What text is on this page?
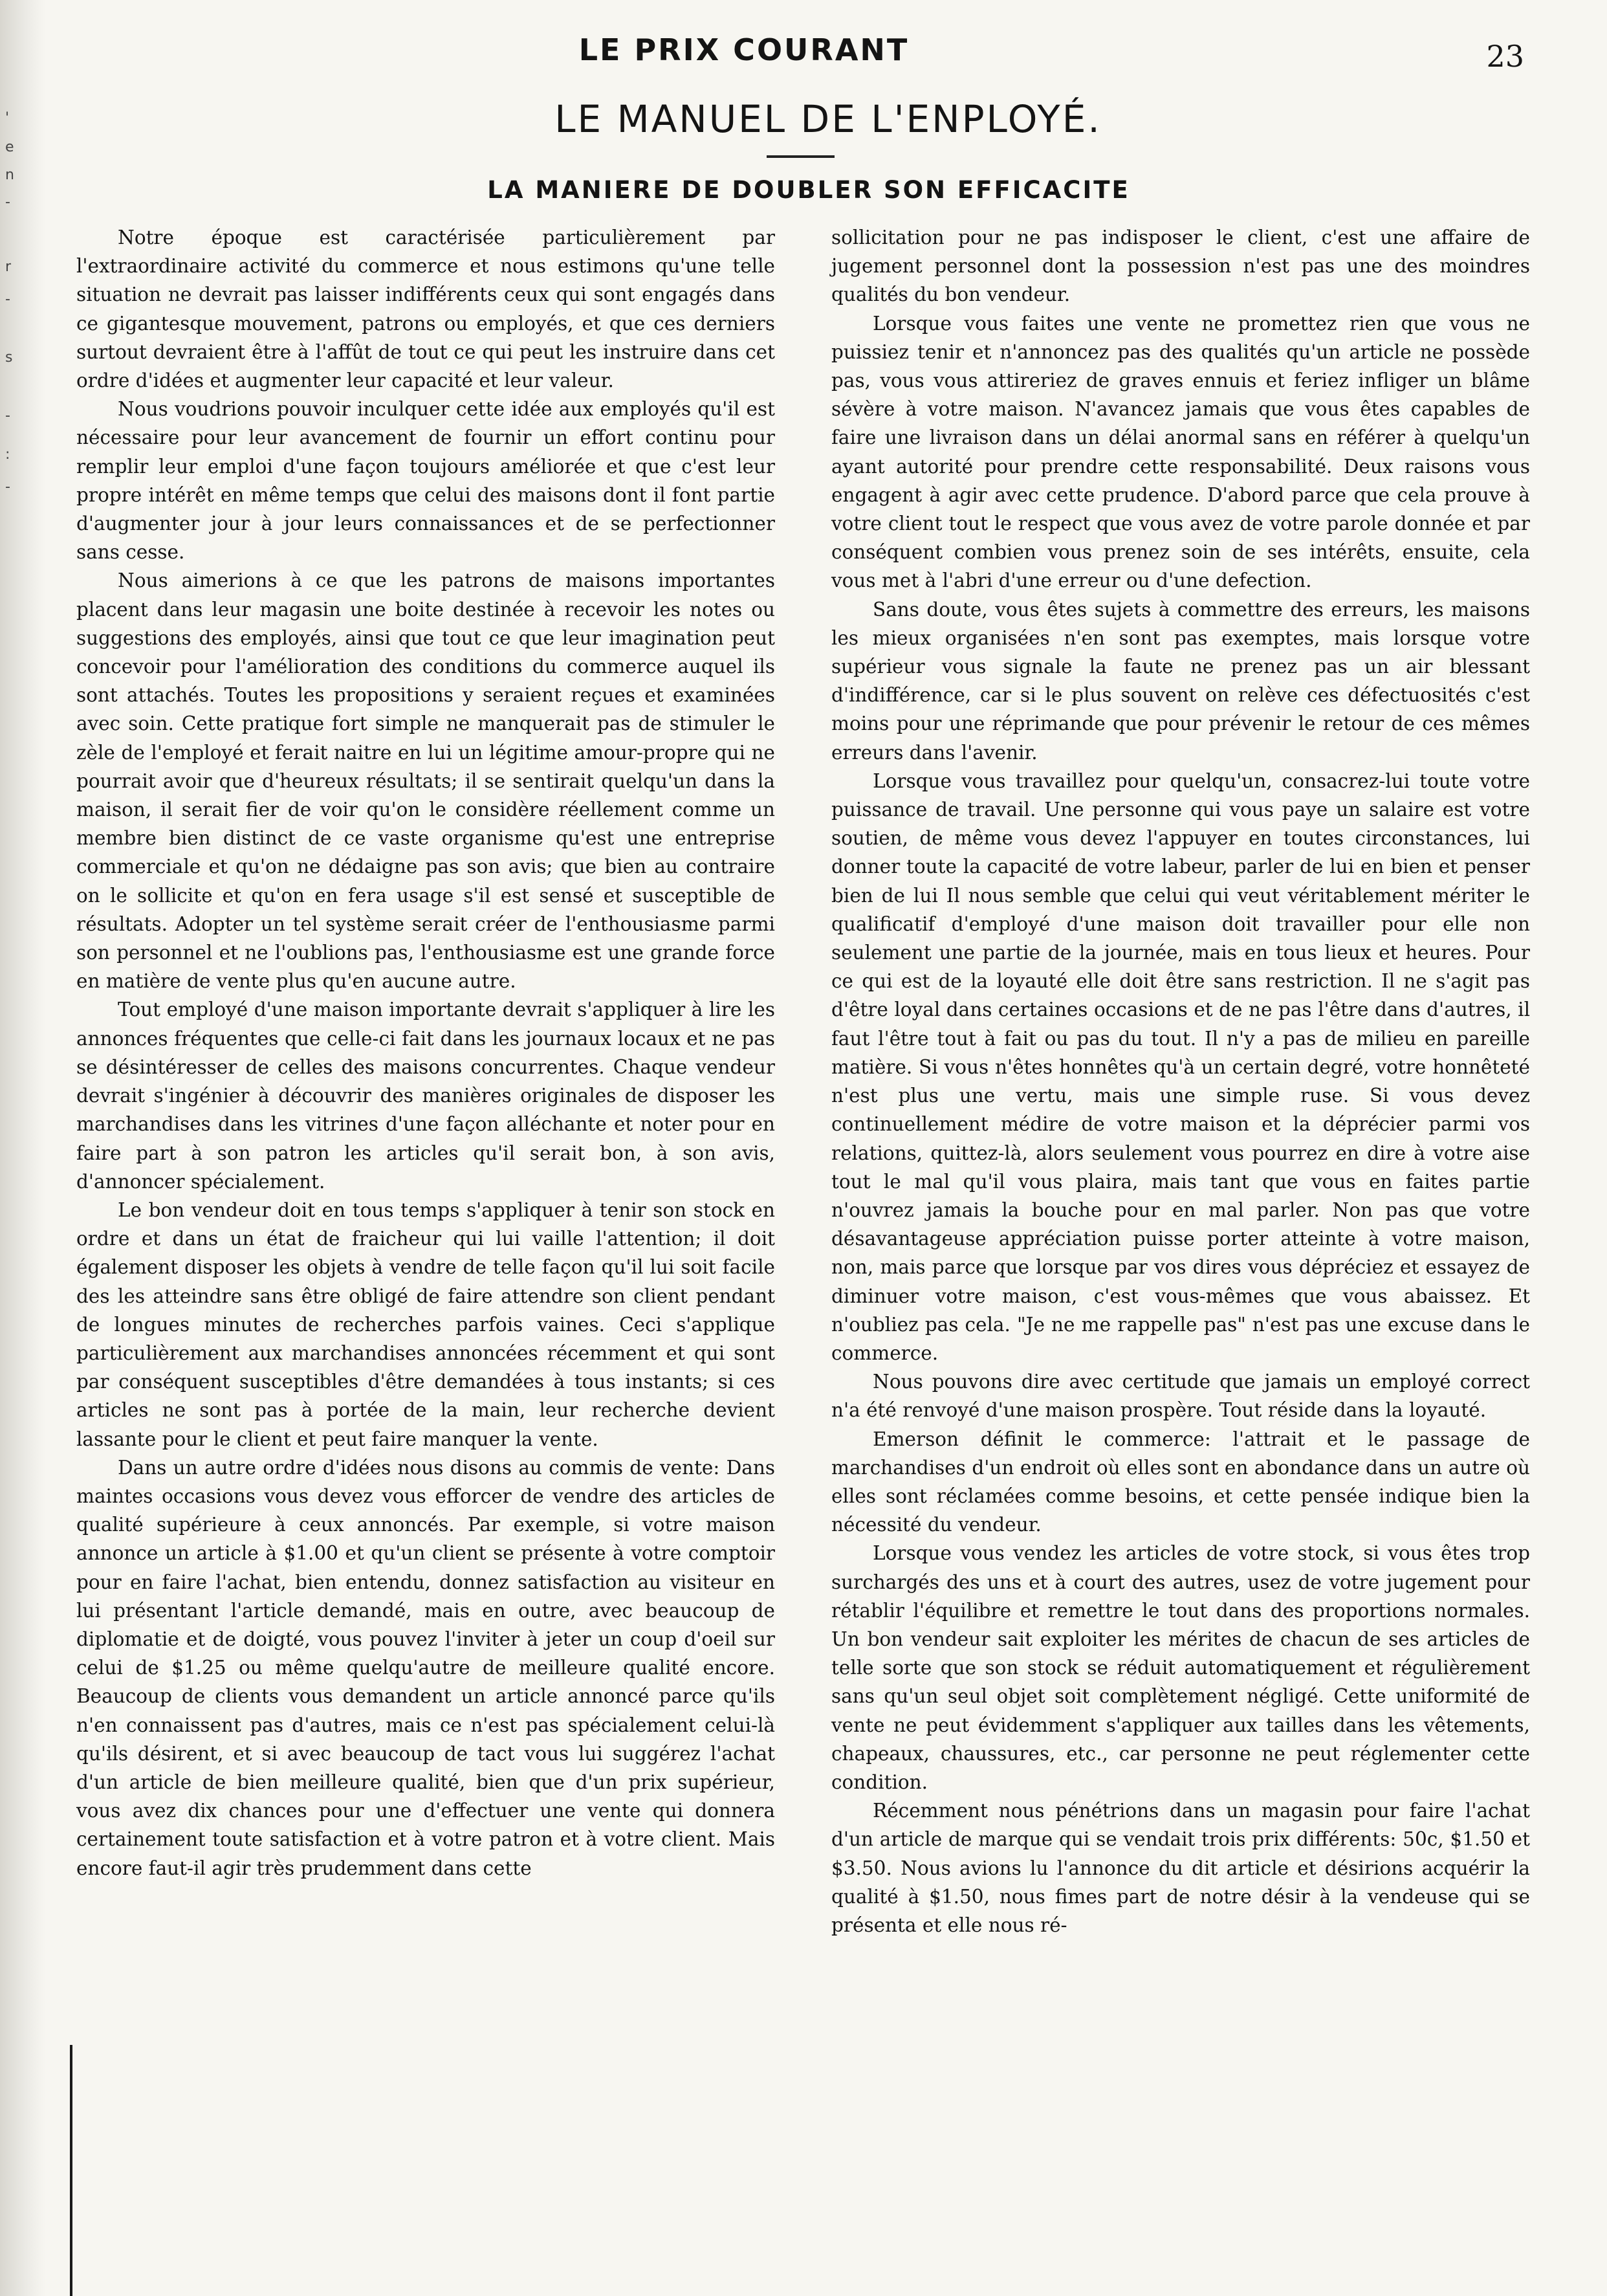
'
e
n
-
r
-
s
-
:
-
LE PRIX COURANT	23
LE MANUEL DE L'ENPLOYÉ.
LA MANIERE DE DOUBLER SON EFFICACITE

Notre époque est caractérisée particulièrement par l'extraordinaire activité du commerce et nous estimons qu'une telle situation ne devrait pas laisser indifférents ceux qui sont engagés dans ce gigantesque mouvement, patrons ou employés, et que ces derniers surtout devraient être à l'affût de tout ce qui peut les instruire dans cet ordre d'idées et augmenter leur capacité et leur valeur.

Nous voudrions pouvoir inculquer cette idée aux employés qu'il est nécessaire pour leur avancement de fournir un effort continu pour remplir leur emploi d'une façon toujours améliorée et que c'est leur propre intérêt en même temps que celui des maisons dont il font partie d'augmenter jour à jour leurs connaissances et de se perfectionner sans cesse.

Nous aimerions à ce que les patrons de maisons importantes placent dans leur magasin une boite destinée à recevoir les notes ou suggestions des employés, ainsi que tout ce que leur imagination peut concevoir pour l'amélioration des conditions du commerce auquel ils sont attachés. Toutes les propositions y seraient reçues et examinées avec soin. Cette pratique fort simple ne manquerait pas de stimuler le zèle de l'employé et ferait naitre en lui un légitime amour-propre qui ne pourrait avoir que d'heureux résultats; il se sentirait quelqu'un dans la maison, il serait fier de voir qu'on le considère réellement comme un membre bien distinct de ce vaste organisme qu'est une entreprise commerciale et qu'on ne dédaigne pas son avis; que bien au contraire on le sollicite et qu'on en fera usage s'il est sensé et susceptible de résultats. Adopter un tel système serait créer de l'enthousiasme parmi son personnel et ne l'oublions pas, l'enthousiasme est une grande force en matière de vente plus qu'en aucune autre.

Tout employé d'une maison importante devrait s'appliquer à lire les annonces fréquentes que celle-ci fait dans les journaux locaux et ne pas se désintéresser de celles des maisons concurrentes. Chaque vendeur devrait s'ingénier à découvrir des manières originales de disposer les marchandises dans les vitrines d'une façon alléchante et noter pour en faire part à son patron les articles qu'il serait bon, à son avis, d'annoncer spécialement.

Le bon vendeur doit en tous temps s'appliquer à tenir son stock en ordre et dans un état de fraicheur qui lui vaille l'attention; il doit également disposer les objets à vendre de telle façon qu'il lui soit facile des les atteindre sans être obligé de faire attendre son client pendant de longues minutes de recherches parfois vaines. Ceci s'applique particulièrement aux marchandises annoncées récemment et qui sont par conséquent susceptibles d'être demandées à tous instants; si ces articles ne sont pas à portée de la main, leur recherche devient lassante pour le client et peut faire manquer la vente.

Dans un autre ordre d'idées nous disons au commis de vente: Dans maintes occasions vous devez vous efforcer de vendre des articles de qualité supérieure à ceux annoncés. Par exemple, si votre maison annonce un article à $1.00 et qu'un client se présente à votre comptoir pour en faire l'achat, bien entendu, donnez satisfaction au visiteur en lui présentant l'article demandé, mais en outre, avec beaucoup de diplomatie et de doigté, vous pouvez l'inviter à jeter un coup d'oeil sur celui de $1.25 ou même quelqu'autre de meilleure qualité encore. Beaucoup de clients vous demandent un article annoncé parce qu'ils n'en connaissent pas d'autres, mais ce n'est pas spécialement celui-là qu'ils désirent, et si avec beaucoup de tact vous lui suggérez l'achat d'un article de bien meilleure qualité, bien que d'un prix supérieur, vous avez dix chances pour une d'effectuer une vente qui donnera certainement toute satisfaction et à votre patron et à votre client. Mais encore faut-il agir très prudemment dans cette

sollicitation pour ne pas indisposer le client, c'est une affaire de jugement personnel dont la possession n'est pas une des moindres qualités du bon vendeur.

Lorsque vous faites une vente ne promettez rien que vous ne puissiez tenir et n'annoncez pas des qualités qu'un article ne possède pas, vous vous attireriez de graves ennuis et feriez infliger un blâme sévère à votre maison. N'avancez jamais que vous êtes capables de faire une livraison dans un délai anormal sans en référer à quelqu'un ayant autorité pour prendre cette responsabilité. Deux raisons vous engagent à agir avec cette prudence. D'abord parce que cela prouve à votre client tout le respect que vous avez de votre parole donnée et par conséquent combien vous prenez soin de ses intérêts, ensuite, cela vous met à l'abri d'une erreur ou d'une defection.

Sans doute, vous êtes sujets à commettre des erreurs, les maisons les mieux organisées n'en sont pas exemptes, mais lorsque votre supérieur vous signale la faute ne prenez pas un air blessant d'indifférence, car si le plus souvent on relève ces défectuosités c'est moins pour une réprimande que pour prévenir le retour de ces mêmes erreurs dans l'avenir.

Lorsque vous travaillez pour quelqu'un, consacrez-lui toute votre puissance de travail. Une personne qui vous paye un salaire est votre soutien, de même vous devez l'appuyer en toutes circonstances, lui donner toute la capacité de votre labeur, parler de lui en bien et penser bien de lui Il nous semble que celui qui veut véritablement mériter le qualificatif d'employé d'une maison doit travailler pour elle non seulement une partie de la journée, mais en tous lieux et heures. Pour ce qui est de la loyauté elle doit être sans restriction. Il ne s'agit pas d'être loyal dans certaines occasions et de ne pas l'être dans d'autres, il faut l'être tout à fait ou pas du tout. Il n'y a pas de milieu en pareille matière. Si vous n'êtes honnêtes qu'à un certain degré, votre honnêteté n'est plus une vertu, mais une simple ruse. Si vous devez continuellement médire de votre maison et la déprécier parmi vos relations, quittez-là, alors seulement vous pourrez en dire à votre aise tout le mal qu'il vous plaira, mais tant que vous en faites partie n'ouvrez jamais la bouche pour en mal parler. Non pas que votre désavantageuse appréciation puisse porter atteinte à votre maison, non, mais parce que lorsque par vos dires vous dépréciez et essayez de diminuer votre maison, c'est vous-mêmes que vous abaissez. Et n'oubliez pas cela. "Je ne me rappelle pas" n'est pas une excuse dans le commerce.

Nous pouvons dire avec certitude que jamais un employé correct n'a été renvoyé d'une maison prospère. Tout réside dans la loyauté.

Emerson définit le commerce: l'attrait et le passage de marchandises d'un endroit où elles sont en abondance dans un autre où elles sont réclamées comme besoins, et cette pensée indique bien la nécessité du vendeur.

Lorsque vous vendez les articles de votre stock, si vous êtes trop surchargés des uns et à court des autres, usez de votre jugement pour rétablir l'équilibre et remettre le tout dans des proportions normales. Un bon vendeur sait exploiter les mérites de chacun de ses articles de telle sorte que son stock se réduit automatiquement et régulièrement sans qu'un seul objet soit complètement négligé. Cette uniformité de vente ne peut évidemment s'appliquer aux tailles dans les vêtements, chapeaux, chaussures, etc., car personne ne peut réglementer cette condition.

Récemment nous pénétrions dans un magasin pour faire l'achat d'un article de marque qui se vendait trois prix différents: 50c, $1.50 et $3.50. Nous avions lu l'annonce du dit article et désirions acquérir la qualité à $1.50, nous fimes part de notre désir à la vendeuse qui se présenta et elle nous ré-
